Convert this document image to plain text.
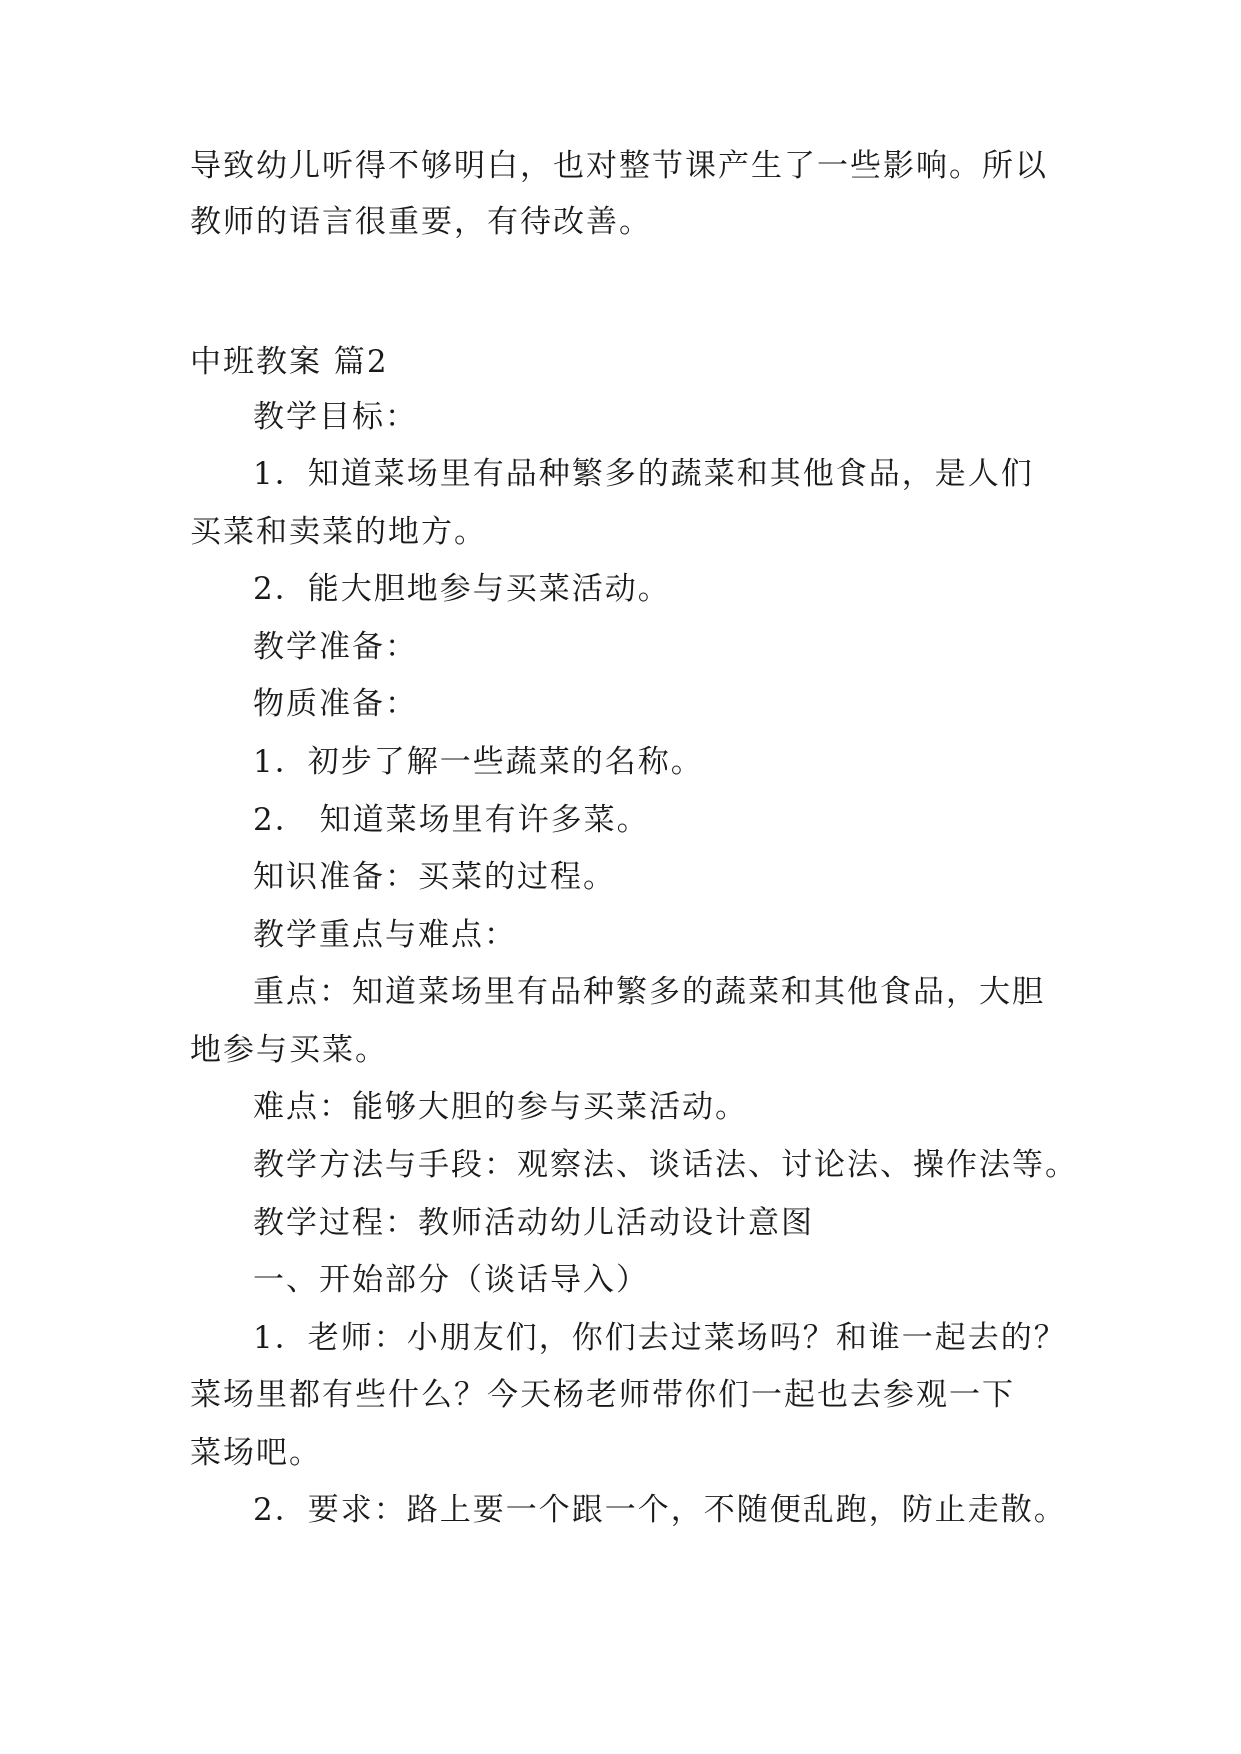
导致幼儿听得不够明白，也对整节课产生了一些影响。所以
教师的语言很重要，有待改善。
中班教案 篇2
教学目标：
1．知道菜场里有品种繁多的蔬菜和其他食品，是人们
买菜和卖菜的地方。
2．能大胆地参与买菜活动。
教学准备：
物质准备：
1．初步了解一些蔬菜的名称。
2． 知道菜场里有许多菜。
知识准备：买菜的过程。
教学重点与难点：
重点：知道菜场里有品种繁多的蔬菜和其他食品，大胆
地参与买菜。
难点：能够大胆的参与买菜活动。
教学方法与手段：观察法、谈话法、讨论法、操作法等。
教学过程：教师活动幼儿活动设计意图
一、开始部分（谈话导入）
1．老师：小朋友们，你们去过菜场吗？和谁一起去的？
菜场里都有些什么？今天杨老师带你们一起也去参观一下
菜场吧。
2．要求：路上要一个跟一个，不随便乱跑，防止走散。
